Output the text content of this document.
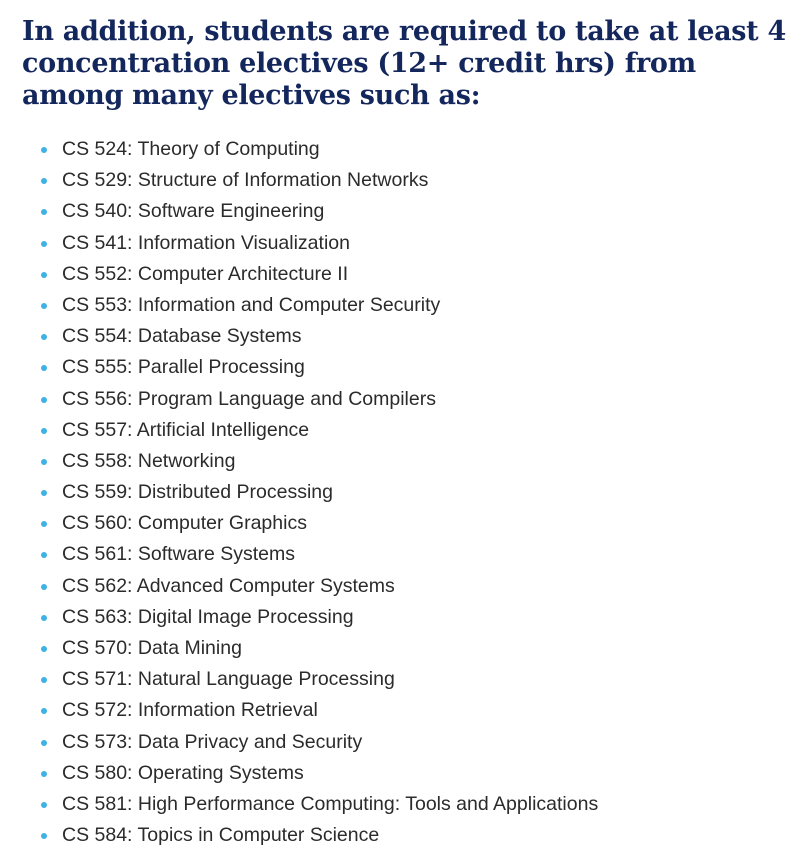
In addition, students are required to take at least 4 concentration electives (12+ credit hrs) from among many electives such as:
CS 524: Theory of Computing
CS 529: Structure of Information Networks
CS 540: Software Engineering
CS 541: Information Visualization
CS 552: Computer Architecture II
CS 553: Information and Computer Security
CS 554: Database Systems
CS 555: Parallel Processing
CS 556: Program Language and Compilers
CS 557: Artificial Intelligence
CS 558: Networking
CS 559: Distributed Processing
CS 560: Computer Graphics
CS 561: Software Systems
CS 562: Advanced Computer Systems
CS 563: Digital Image Processing
CS 570: Data Mining
CS 571: Natural Language Processing
CS 572: Information Retrieval
CS 573: Data Privacy and Security
CS 580: Operating Systems
CS 581: High Performance Computing: Tools and Applications
CS 584: Topics in Computer Science
